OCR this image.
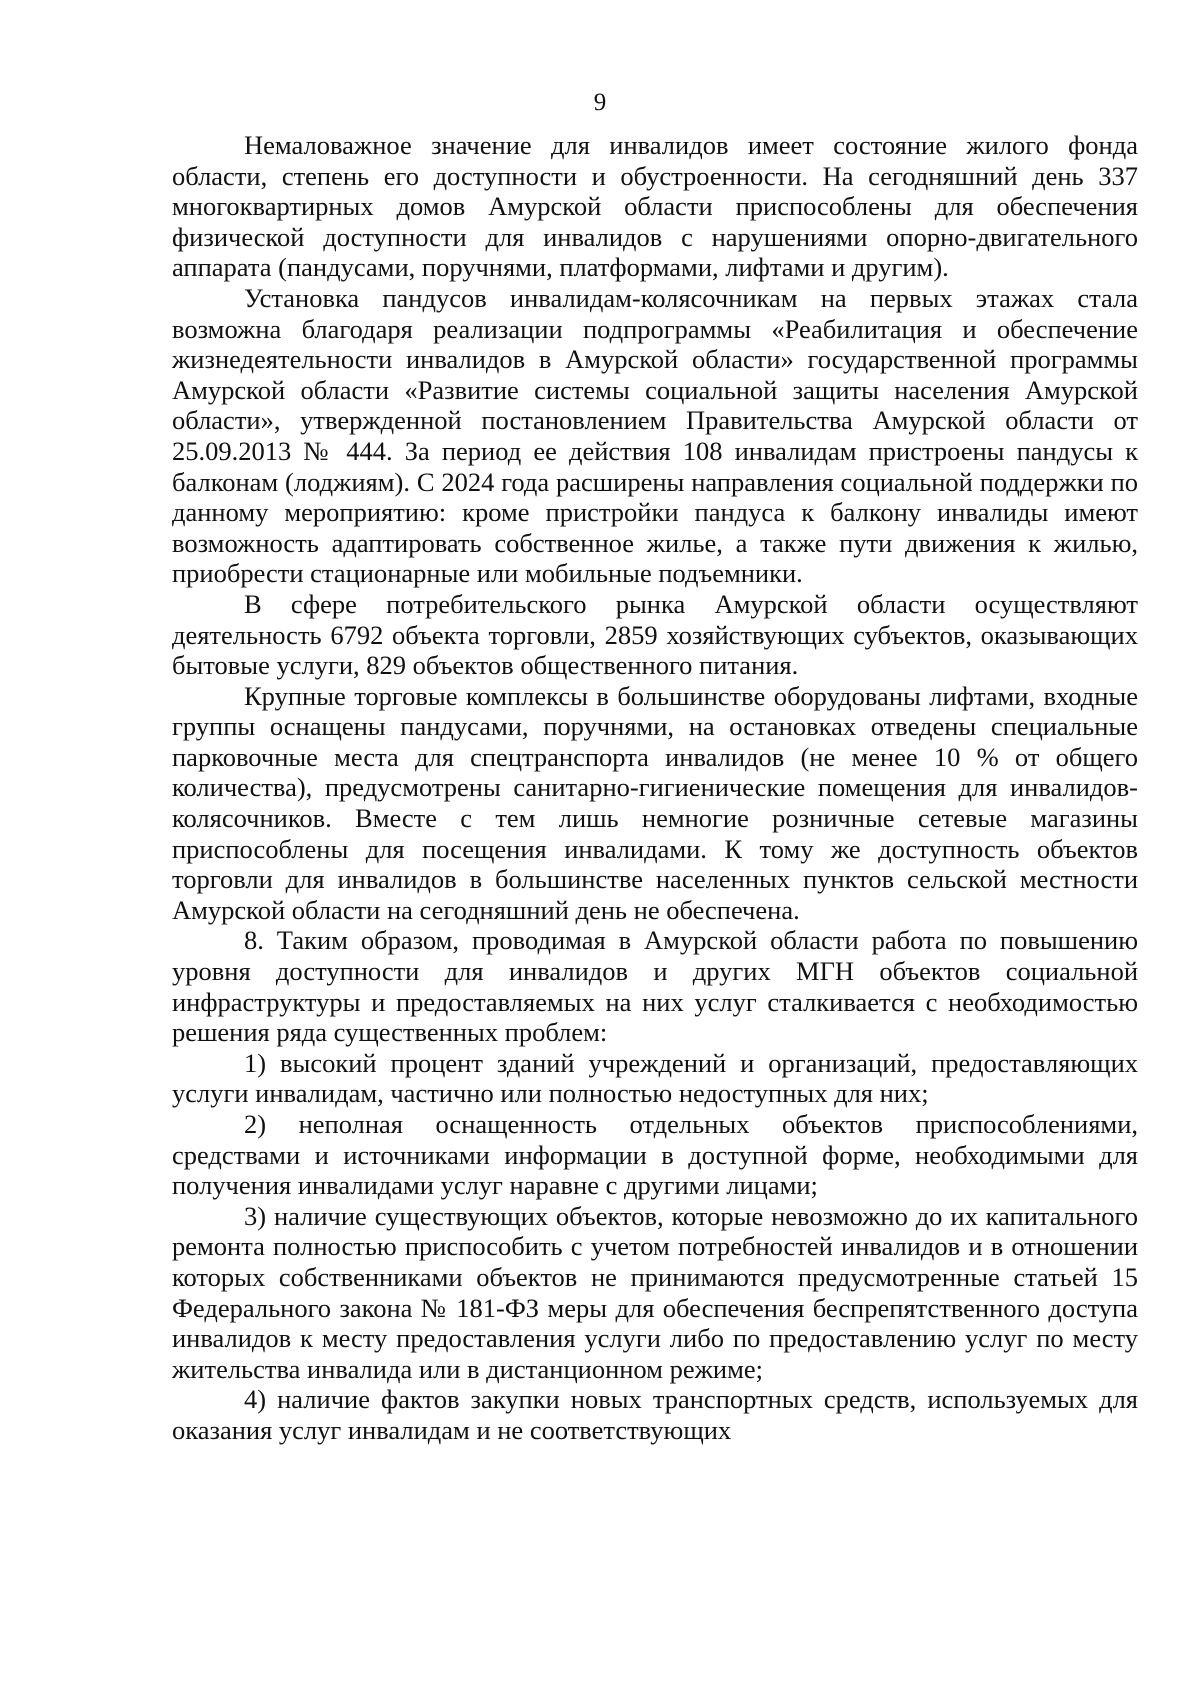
9

Немаловажное значение для инвалидов имеет состояние жилого фонда области, степень его доступности и обустроенности. На сегодняшний день 337 многоквартирных домов Амурской области приспособлены для обеспечения физической доступности для инвалидов с нарушениями опорно-двигательного аппарата (пандусами, поручнями, платформами, лифтами и другим).

Установка пандусов инвалидам-колясочникам на первых этажах стала возможна благодаря реализации подпрограммы «Реабилитация и обеспечение жизнедеятельности инвалидов в Амурской области» государственной программы Амурской области «Развитие системы социальной защиты населения Амурской области», утвержденной постановлением Правительства Амурской области от 25.09.2013 № 444. За период ее действия 108 инвалидам пристроены пандусы к балконам (лоджиям). С 2024 года расширены направления социальной поддержки по данному мероприятию: кроме пристройки пандуса к балкону инвалиды имеют возможность адаптировать собственное жилье, а также пути движения к жилью, приобрести стационарные или мобильные подъемники.

В сфере потребительского рынка Амурской области осуществляют деятельность 6792 объекта торговли, 2859 хозяйствующих субъектов, оказывающих бытовые услуги, 829 объектов общественного питания.

Крупные торговые комплексы в большинстве оборудованы лифтами, входные группы оснащены пандусами, поручнями, на остановках отведены специальные парковочные места для спецтранспорта инвалидов (не менее 10 % от общего количества), предусмотрены санитарно-гигиенические помещения для инвалидов-колясочников. Вместе с тем лишь немногие розничные сетевые магазины приспособлены для посещения инвалидами. К тому же доступность объектов торговли для инвалидов в большинстве населенных пунктов сельской местности Амурской области на сегодняшний день не обеспечена.

8. Таким образом, проводимая в Амурской области работа по повышению уровня доступности для инвалидов и других МГН объектов социальной инфраструктуры и предоставляемых на них услуг сталкивается с необходимостью решения ряда существенных проблем:

1) высокий процент зданий учреждений и организаций, предоставляющих услуги инвалидам, частично или полностью недоступных для них;

2) неполная оснащенность отдельных объектов приспособлениями, средствами и источниками информации в доступной форме, необходимыми для получения инвалидами услуг наравне с другими лицами;

3) наличие существующих объектов, которые невозможно до их капитального ремонта полностью приспособить с учетом потребностей инвалидов и в отношении которых собственниками объектов не принимаются предусмотренные статьей 15 Федерального закона № 181-ФЗ меры для обеспечения беспрепятственного доступа инвалидов к месту предоставления услуги либо по предоставлению услуг по месту жительства инвалида или в дистанционном режиме;

4) наличие фактов закупки новых транспортных средств, используемых для оказания услуг инвалидам и не соответствующих
